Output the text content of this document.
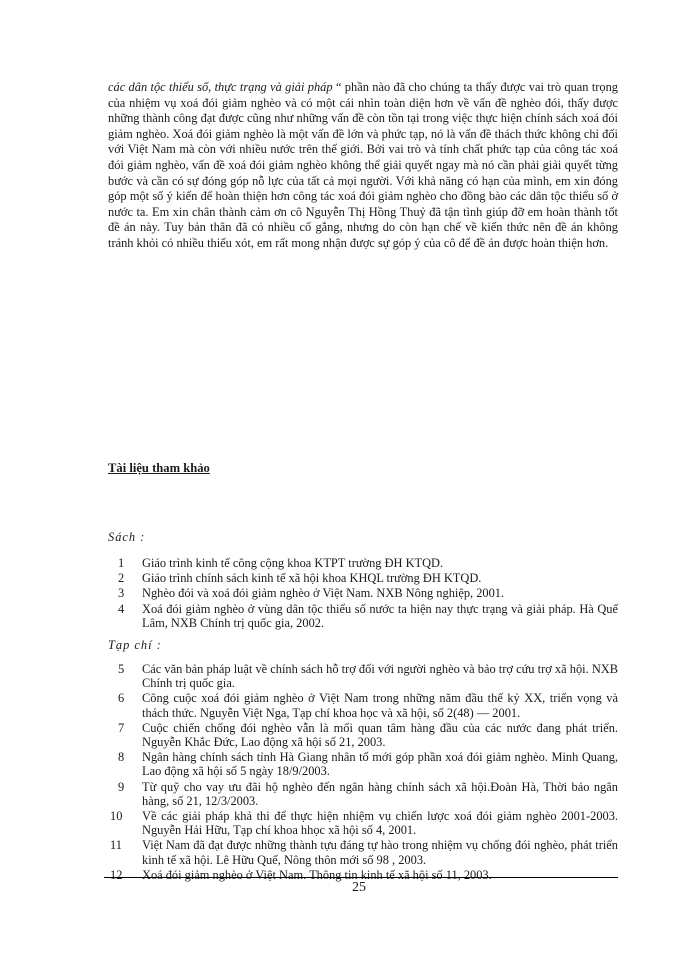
các dân tộc thiểu số, thực trạng và giải pháp “ phần nào đã cho chúng ta thấy được vai trò quan trọng của nhiệm vụ xoá đói giảm nghèo và có một cái nhìn toàn diện hơn về vấn đề nghèo đói, thấy được những thành công đạt được cũng như những vấn đề còn tồn tại trong việc thực hiện chính sách xoá đói giảm nghèo. Xoá đói giảm nghèo là một vấn đề lớn và phức tạp, nó là vấn đề thách thức không chỉ đối với Việt Nam mà còn với nhiều nước trên thế giới. Bởi vai trò và tính chất phức tạp của công tác xoá đói giảm nghèo, vấn đề xoá đói giảm nghèo không thể giải quyết ngay mà nó cần phải giải quyết từng bước và cần có sự đóng góp nỗ lực của tất cả mọi người. Với khả năng có hạn của mình, em xin đóng góp một số ý kiến để hoàn thiện hơn công tác xoá đói giảm nghèo cho đồng bào các dân tộc thiểu số ở nước ta. Em xin chân thành cảm ơn cô Nguyễn Thị Hồng Thuỷ đã tận tình giúp đỡ em hoàn thành tốt đề án này. Tuy bản thân đã có nhiều cố gắng, nhưng do còn hạn chế về kiến thức nên đề án không tránh khỏi có nhiều thiếu xót, em rất mong nhận được sự góp ý của cô để đề án được hoàn thiện hơn.
Tài liệu tham khảo
Sách :
1 Giáo trình kinh tế công cộng khoa KTPT trường ĐH KTQD.
2 Giáo trình chính sách kinh tế xã hội khoa KHQL trường ĐH KTQD.
3 Nghèo đói và xoá đói giảm nghèo ở Việt Nam. NXB Nông nghiệp, 2001.
4 Xoá đói giảm nghèo ở vùng dân tộc thiểu số nước ta hiện nay thực trạng và giải pháp. Hà Quế Lâm, NXB Chính trị quốc gia, 2002.
Tạp chí :
5 Các văn bản pháp luật về chính sách hỗ trợ đối với người nghèo và bảo trợ cứu trợ xã hội. NXB Chính trị quốc gia.
6 Công cuộc xoá đói giảm nghèo ở Việt Nam trong những năm đầu thế kỷ XX, triển vọng và thách thức. Nguyễn Việt Nga, Tạp chí khoa học và xã hội, số 2(48) — 2001.
7 Cuộc chiến chống đói nghèo vẫn là mối quan tâm hàng đầu của các nước đang phát triển. Nguyễn Khắc Đức, Lao động xã hội số 21, 2003.
8 Ngân hàng chính sách tỉnh Hà Giang nhân tố mới góp phần xoá đói giảm nghèo. Minh Quang, Lao động xã hội số 5 ngày 18/9/2003.
9 Từ quỹ cho vay ưu đãi hộ nghèo đến ngân hàng chính sách xã hội.Đoàn Hà, Thời báo ngân hàng, số 21, 12/3/2003.
10 Về các giải pháp khả thi để thực hiện nhiệm vụ chiến lược xoá đói giảm nghèo 2001-2003. Nguyễn Hải Hữu, Tạp chí khoa hhọc xã hội số 4, 2001.
11 Việt Nam đã đạt được những thành tựu đáng tự hào trong nhiệm vụ chống đói nghèo, phát triển kinh tế xã hội. Lê Hữu Quế, Nông thôn mới số 98 , 2003.
12 Xoá đói giảm nghèo ở Việt Nam. Thông tin kinh tế xã hội số 11, 2003.
25
